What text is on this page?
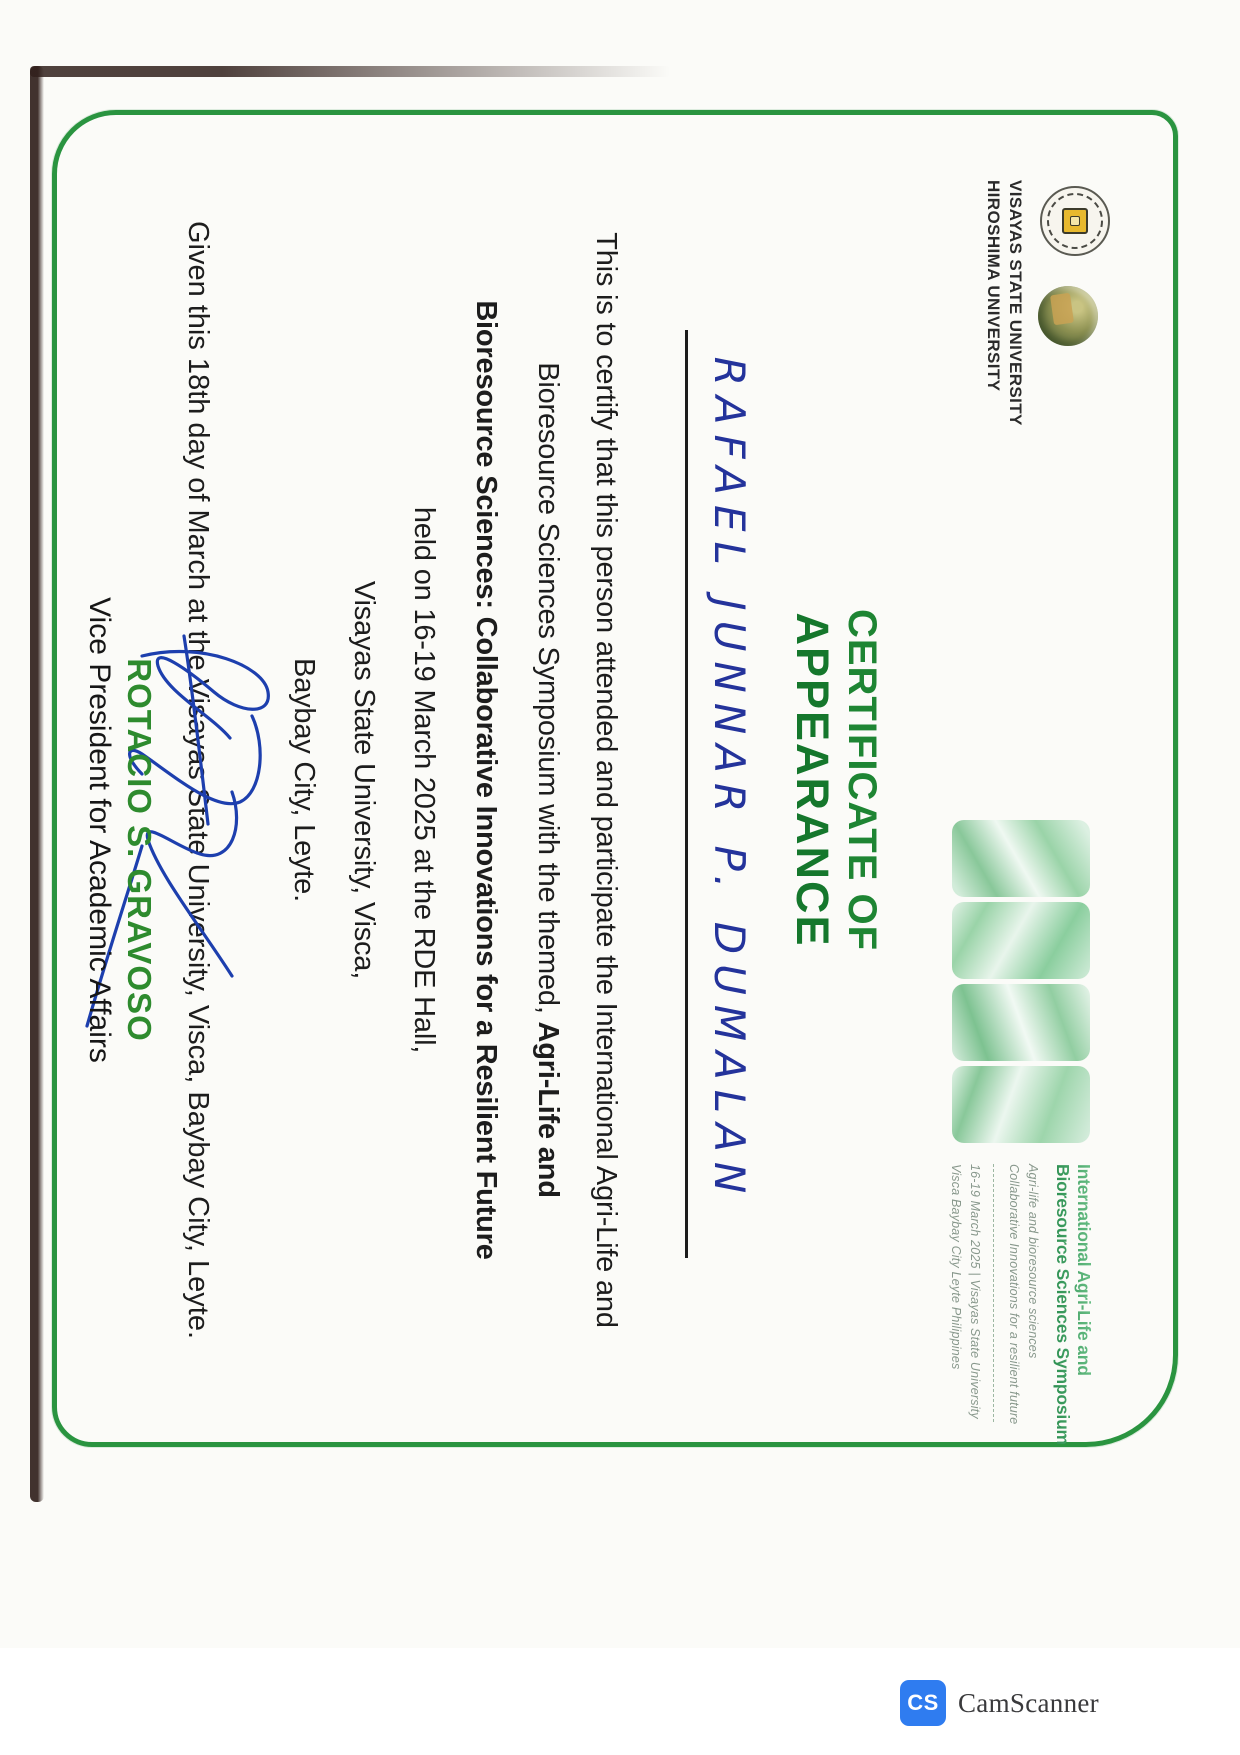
VISAYAS STATE UNIVERSITY
HIROSHIMA UNIVERSITY
International Agri-Life and
Bioresource Sciences Symposium
Agri-life and bioresource sciences
Collaborative Innovations for a resilient future
16-19 March 2025 | Visayas State University
Visca Baybay City Leyte Philippines
CERTIFICATE OF
APPEARANCE
RAFAEL JUNNAR P. DUMALAN
This is to certify that this person attended and participate the International Agri-Life and
Bioresource Sciences Symposium with the themed, Agri-Life and
Bioresource Sciences: Collaborative Innovations for a Resilient Future
held on 16-19 March 2025 at the RDE Hall,
Visayas State University, Visca,
Baybay City, Leyte.
Given this 18th day of March at the Visayas State University, Visca, Baybay City, Leyte.
ROTACIO S. GRAVOSO
Vice President for Academic Affairs
CS CamScanner
